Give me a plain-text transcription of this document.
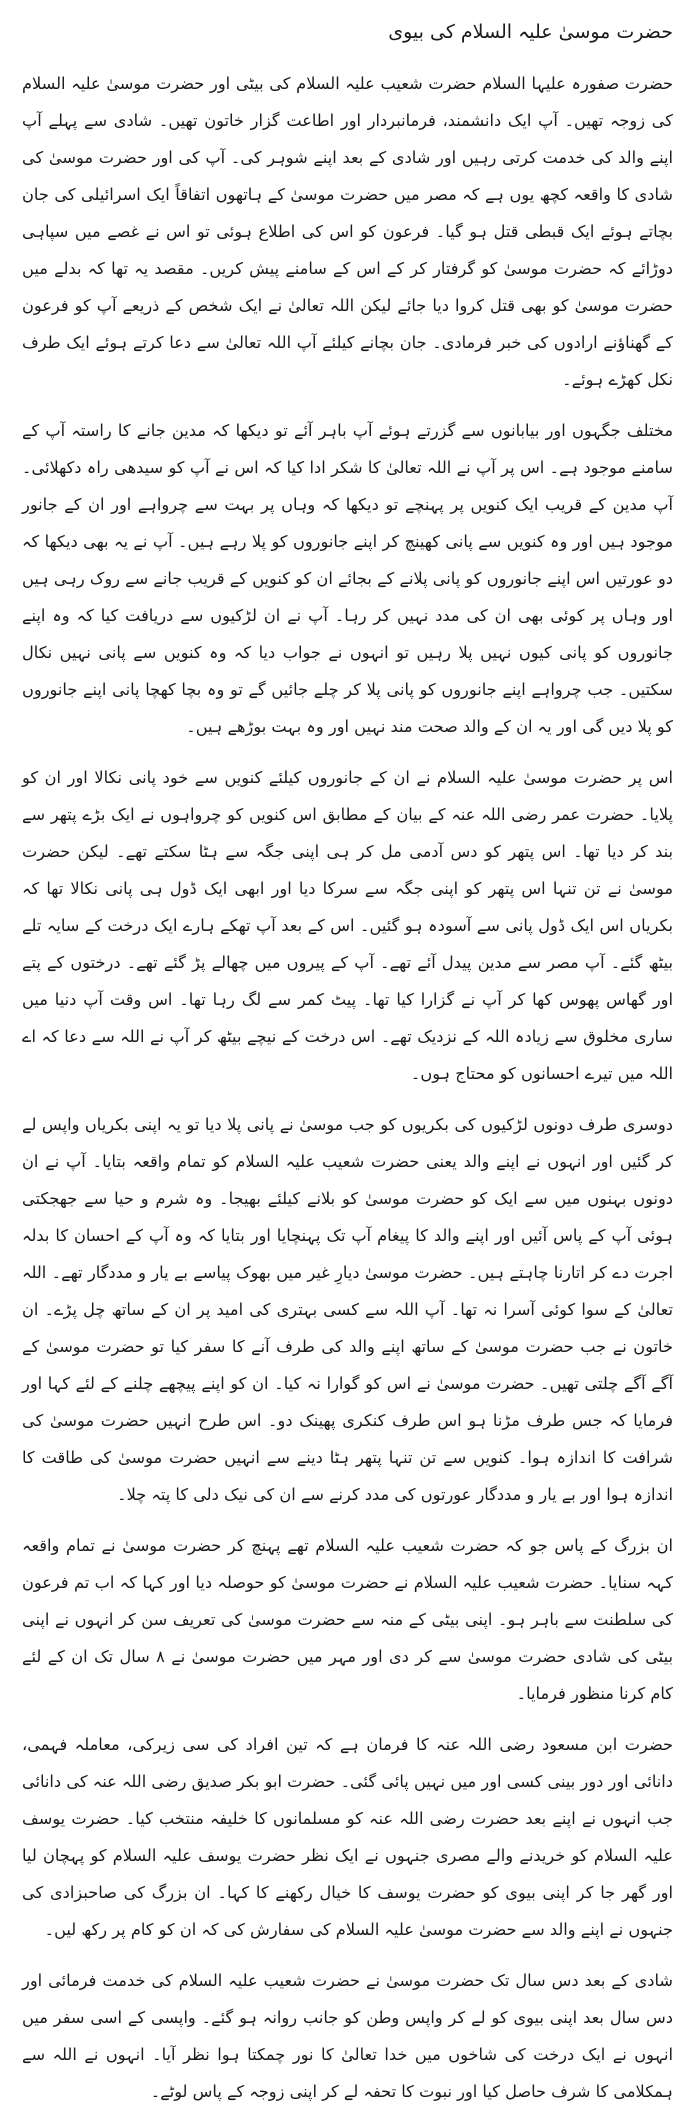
حضرت موسیٰ علیہ السلام کی بیوی

حضرت صفورہ علیہا السلام حضرت شعیب علیہ السلام کی بیٹی اور حضرت موسیٰ علیہ السلام کی زوجہ تھیں۔ آپ ایک دانشمند، فرمانبردار اور اطاعت گزار خاتون تھیں۔ شادی سے پہلے آپ اپنے والد کی خدمت کرتی رہیں اور شادی کے بعد اپنے شوہر کی۔ آپ کی اور حضرت موسیٰ کی شادی کا واقعہ کچھ یوں ہے کہ مصر میں حضرت موسیٰ کے ہاتھوں اتفاقاً ایک اسرائیلی کی جان بچاتے ہوئے ایک قبطی قتل ہو گیا۔ فرعون کو اس کی اطلاع ہوئی تو اس نے غصے میں سپاہی دوڑائے کہ حضرت موسیٰ کو گرفتار کر کے اس کے سامنے پیش کریں۔ مقصد یہ تھا کہ بدلے میں حضرت موسیٰ کو بھی قتل کروا دیا جائے لیکن اللہ تعالیٰ نے ایک شخص کے ذریعے آپ کو فرعون کے گھناؤنے ارادوں کی خبر فرمادی۔ جان بچانے کیلئے آپ اللہ تعالیٰ سے دعا کرتے ہوئے ایک طرف نکل کھڑے ہوئے۔

مختلف جگہوں اور بیابانوں سے گزرتے ہوئے آپ باہر آئے تو دیکھا کہ مدین جانے کا راستہ آپ کے سامنے موجود ہے۔ اس پر آپ نے اللہ تعالیٰ کا شکر ادا کیا کہ اس نے آپ کو سیدھی راہ دکھلائی۔ آپ مدین کے قریب ایک کنویں پر پہنچے تو دیکھا کہ وہاں پر بہت سے چرواہے اور ان کے جانور موجود ہیں اور وہ کنویں سے پانی کھینچ کر اپنے جانوروں کو پلا رہے ہیں۔ آپ نے یہ بھی دیکھا کہ دو عورتیں اس اپنے جانوروں کو پانی پلانے کے بجائے ان کو کنویں کے قریب جانے سے روک رہی ہیں اور وہاں پر کوئی بھی ان کی مدد نہیں کر رہا۔ آپ نے ان لڑکیوں سے دریافت کیا کہ وہ اپنے جانوروں کو پانی کیوں نہیں پلا رہیں تو انہوں نے جواب دیا کہ وہ کنویں سے پانی نہیں نکال سکتیں۔ جب چرواہے اپنے جانوروں کو پانی پلا کر چلے جائیں گے تو وہ بچا کھچا پانی اپنے جانوروں کو پلا دیں گی اور یہ ان کے والد صحت مند نہیں اور وہ بہت بوڑھے ہیں۔

اس پر حضرت موسیٰ علیہ السلام نے ان کے جانوروں کیلئے کنویں سے خود پانی نکالا اور ان کو پلایا۔ حضرت عمر رضی اللہ عنہ کے بیان کے مطابق اس کنویں کو چرواہوں نے ایک بڑے پتھر سے بند کر دیا تھا۔ اس پتھر کو دس آدمی مل کر ہی اپنی جگہ سے ہٹا سکتے تھے۔ لیکن حضرت موسیٰ نے تن تنہا اس پتھر کو اپنی جگہ سے سرکا دیا اور ابھی ایک ڈول ہی پانی نکالا تھا کہ بکریاں اس ایک ڈول پانی سے آسودہ ہو گئیں۔ اس کے بعد آپ تھکے ہارے ایک درخت کے سایہ تلے بیٹھ گئے۔ آپ مصر سے مدین پیدل آئے تھے۔ آپ کے پیروں میں چھالے پڑ گئے تھے۔ درختوں کے پتے اور گھاس پھوس کھا کر آپ نے گزارا کیا تھا۔ پیٹ کمر سے لگ رہا تھا۔ اس وقت آپ دنیا میں ساری مخلوق سے زیادہ اللہ کے نزدیک تھے۔ اس درخت کے نیچے بیٹھ کر آپ نے اللہ سے دعا کہ اے اللہ میں تیرے احسانوں کو محتاج ہوں۔

دوسری طرف دونوں لڑکیوں کی بکریوں کو جب موسیٰ نے پانی پلا دیا تو یہ اپنی بکریاں واپس لے کر گئیں اور انہوں نے اپنے والد یعنی حضرت شعیب علیہ السلام کو تمام واقعہ بتایا۔ آپ نے ان دونوں بہنوں میں سے ایک کو حضرت موسیٰ کو بلانے کیلئے بھیجا۔ وہ شرم و حیا سے جھجکتی ہوئی آپ کے پاس آئیں اور اپنے والد کا پیغام آپ تک پہنچایا اور بتایا کہ وہ آپ کے احسان کا بدلہ اجرت دے کر اتارنا چاہتے ہیں۔ حضرت موسیٰ دیارِ غیر میں بھوک پیاسے بے یار و مددگار تھے۔ اللہ تعالیٰ کے سوا کوئی آسرا نہ تھا۔ آپ اللہ سے کسی بہتری کی امید پر ان کے ساتھ چل پڑے۔ ان خاتون نے جب حضرت موسیٰ کے ساتھ اپنے والد کی طرف آنے کا سفر کیا تو حضرت موسیٰ کے آگے آگے چلتی تھیں۔ حضرت موسیٰ نے اس کو گوارا نہ کیا۔ ان کو اپنے پیچھے چلنے کے لئے کہا اور فرمایا کہ جس طرف مڑنا ہو اس طرف کنکری پھینک دو۔ اس طرح انہیں حضرت موسیٰ کی شرافت کا اندازہ ہوا۔ کنویں سے تن تنہا پتھر ہٹا دینے سے انہیں حضرت موسیٰ کی طاقت کا اندازہ ہوا اور بے یار و مددگار عورتوں کی مدد کرنے سے ان کی نیک دلی کا پتہ چلا۔

ان بزرگ کے پاس جو کہ حضرت شعیب علیہ السلام تھے پہنچ کر حضرت موسیٰ نے تمام واقعہ کہہ سنایا۔ حضرت شعیب علیہ السلام نے حضرت موسیٰ کو حوصلہ دیا اور کہا کہ اب تم فرعون کی سلطنت سے باہر ہو۔ اپنی بیٹی کے منہ سے حضرت موسیٰ کی تعریف سن کر انہوں نے اپنی بیٹی کی شادی حضرت موسیٰ سے کر دی اور مہر میں حضرت موسیٰ نے ۸ سال تک ان کے لئے کام کرنا منظور فرمایا۔

حضرت ابن مسعود رضی اللہ عنہ کا فرمان ہے کہ تین افراد کی سی زیرکی، معاملہ فہمی، دانائی اور دور بینی کسی اور میں نہیں پائی گئی۔ حضرت ابو بکر صدیق رضی اللہ عنہ کی دانائی جب انہوں نے اپنے بعد حضرت رضی اللہ عنہ کو مسلمانوں کا خلیفہ منتخب کیا۔ حضرت یوسف علیہ السلام کو خریدنے والے مصری جنہوں نے ایک نظر حضرت یوسف علیہ السلام کو پہچان لیا اور گھر جا کر اپنی بیوی کو حضرت یوسف کا خیال رکھنے کا کہا۔ ان بزرگ کی صاحبزادی کی جنہوں نے اپنے والد سے حضرت موسیٰ علیہ السلام کی سفارش کی کہ ان کو کام پر رکھ لیں۔

شادی کے بعد دس سال تک حضرت موسیٰ نے حضرت شعیب علیہ السلام کی خدمت فرمائی اور دس سال بعد اپنی بیوی کو لے کر واپس وطن کو جانب روانہ ہو گئے۔ واپسی کے اسی سفر میں انہوں نے ایک درخت کی شاخوں میں خدا تعالیٰ کا نور چمکتا ہوا نظر آیا۔ انہوں نے اللہ سے ہمکلامی کا شرف حاصل کیا اور نبوت کا تحفہ لے کر اپنی زوجہ کے پاس لوٹے۔
